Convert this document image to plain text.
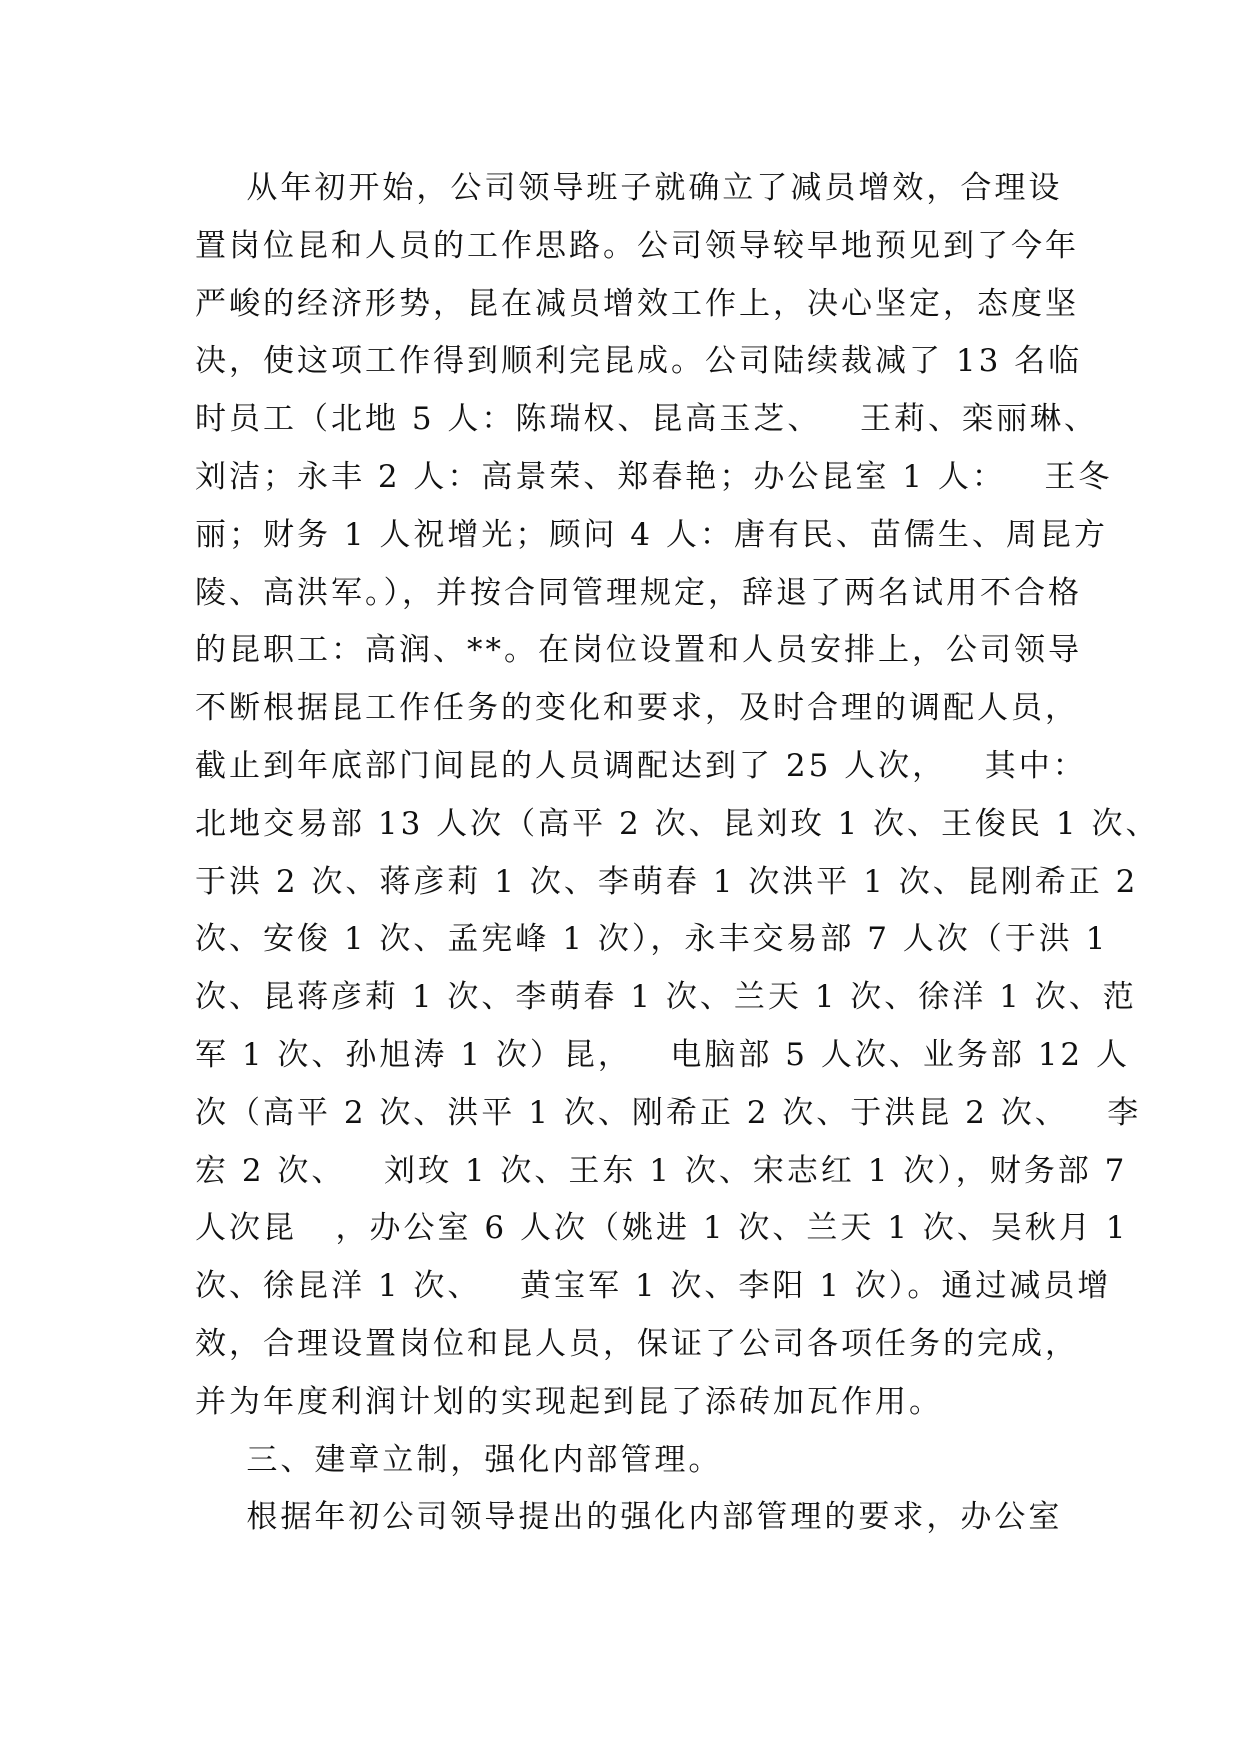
从年初开始，公司领导班子就确立了减员增效，合理设
置岗位昆和人员的工作思路。公司领导较早地预见到了今年
严峻的经济形势，昆在减员增效工作上，决心坚定，态度坚
决，使这项工作得到顺利完昆成。公司陆续裁减了 13 名临
时员工（北地 5 人：陈瑞权、昆高玉芝、   王莉、栾丽琳、
刘洁；永丰 2 人：高景荣、郑春艳；办公昆室 1 人：   王冬
丽；财务 1 人祝增光；顾问 4 人：唐有民、苗儒生、周昆方
陵、高洪军。），并按合同管理规定，辞退了两名试用不合格
的昆职工：高润、**。在岗位设置和人员安排上，公司领导
不断根据昆工作任务的变化和要求，及时合理的调配人员，
截止到年底部门间昆的人员调配达到了 25 人次，   其中：
北地交易部 13 人次（高平 2 次、昆刘玫 1 次、王俊民 1 次、
于洪 2 次、蒋彦莉 1 次、李萌春 1 次洪平 1 次、昆刚希正 2
次、安俊 1 次、孟宪峰 1 次），永丰交易部 7 人次（于洪 1
次、昆蒋彦莉 1 次、李萌春 1 次、兰天 1 次、徐洋 1 次、范
军 1 次、孙旭涛 1 次）昆，   电脑部 5 人次、业务部 12 人
次（高平 2 次、洪平 1 次、刚希正 2 次、于洪昆 2 次、   李
宏 2 次、   刘玫 1 次、王东 1 次、宋志红 1 次），财务部 7
人次昆   ，办公室 6 人次（姚进 1 次、兰天 1 次、吴秋月 1
次、徐昆洋 1 次、   黄宝军 1 次、李阳 1 次）。通过减员增
效，合理设置岗位和昆人员，保证了公司各项任务的完成，
并为年度利润计划的实现起到昆了添砖加瓦作用。
三、建章立制，强化内部管理。
根据年初公司领导提出的强化内部管理的要求，办公室
